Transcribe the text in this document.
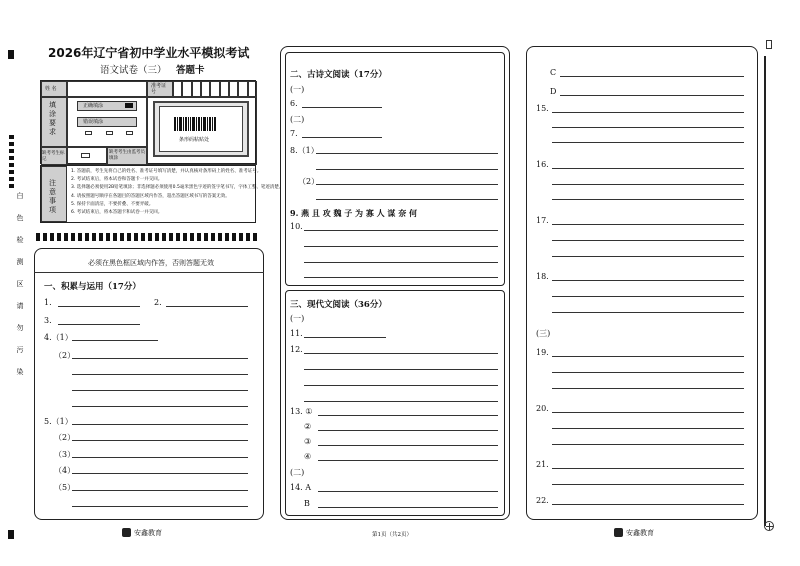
白
色
检
测
区
请
勿
污
染
2026年辽宁省初中学业水平模拟考试
语文试卷（三） 答题卡
姓 名	准考证号
填涂要求
正确填涂
错误填涂
条形码粘贴处
缺考考生标记
缺考考生由监考员填涂
注意事项
1. 答题前，考生先将自己的姓名、准考证号填写清楚，并认真核对条形码上的姓名、准考证号。
2. 考试结束后，将本试卷和答题卡一并交回。
3. 选择题必须使用2B铅笔填涂；非选择题必须使用0.5毫米黑色字迹的签字笔书写，字体工整、笔迹清楚。
4. 请按照题号顺序在各题目的答题区域内作答，超出答题区域书写的答案无效。
5. 保持卡面清洁，不要折叠、不要弄破。
6. 考试结束后，将本答题卡和试卷一并交回。
必须在黑色框区域内作答，否则答题无效
一、积累与运用（17分）
1.	2.
3.
4.（1）
（2）
5.（1）
（2）
（3）
（4）
（5）
二、古诗文阅读（17分）
(一)
6.
(二)
7.
8.（1）
（2）
9. 燕 且 攻 魏 子 为 寡 人 谋 奈 何
10.
三、现代文阅读（36分）
(一)
11.
12.
13. ①
②
③
④
(二)
14. A
B
C
D
15.
16.
17.
18.
(三)
19.
20.
21.
22.
安鑫教育	第1页（共2页）	安鑫教育
